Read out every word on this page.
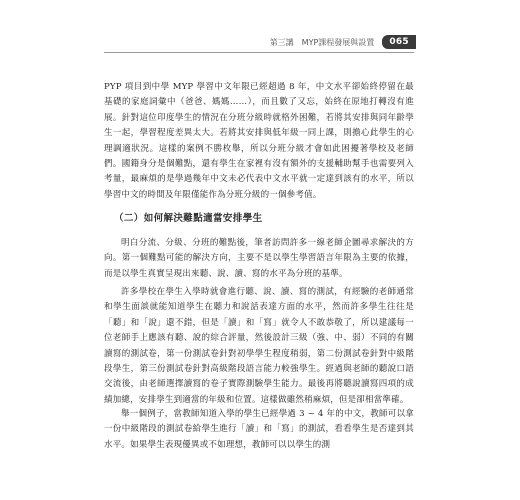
第三講　MYP課程發展與設置	065

PYP 項目到中學 MYP 學習中文年限已經超過 8 年，中文水平卻始終停留在最基礎的家庭詞彙中（爸爸、媽媽……），而且數了又忘，始終在原地打轉沒有進展。針對這位印度學生的情況在分班分級時就格外困難，若將其安排與同年齡學生一起，學習程度差異太大。若將其安排與低年級一同上課，則擔心此學生的心理調適狀況。這樣的案例不勝枚舉，所以分班分級才會如此困擾著學校及老師們。國籍身分是個難點，還有學生在家裡有沒有額外的支援輔助幫手也需要列入考量，最麻煩的是學過幾年中文未必代表中文水平就一定達到該有的水平，所以學習中文的時間及年限僅能作為分班分級的一個參考值。

（二）如何解決難點適當安排學生

明白分流、分級、分班的難點後，筆者訪問許多一線老師企圖尋求解決的方向。第一個難點可能的解決方向，主要不是以學生學習語言年限為主要的依據，而是以學生真實呈現出來聽、說、讀、寫的水平為分班的基準。

許多學校在學生入學時就會進行聽、說、讀、寫的測試，有經驗的老師通常和學生面談就能知道學生在聽力和說話表達方面的水平，然而許多學生往往是「聽」和「說」還不錯，但是「讀」和「寫」就令人不敢恭敬了，所以建議每一位老師手上應該有聽、說的綜合評量，然後設計三級（強、中、弱）不同的有關讀寫的測試卷，第一份測試卷針對初學學生程度稍弱，第二份測試卷針對中級階段學生，第三份測試卷針對高級階段語言能力較強學生。經過與老師的聽說口語交流後，由老師選擇讀寫的卷子實際測驗學生能力。最後再將聽說讀寫四項的成績加總，安排學生到適當的年級和位置。這樣做雖然稍麻煩，但是卻相當準確。

舉一個例子，當教師知道入學的學生已經學過 3 ~ 4 年的中文，教師可以拿一份中級階段的測試卷給學生進行「讀」和「寫」的測試，看看學生是否達到其水平。如果學生表現優異或不如理想，教師可以以學生的測
